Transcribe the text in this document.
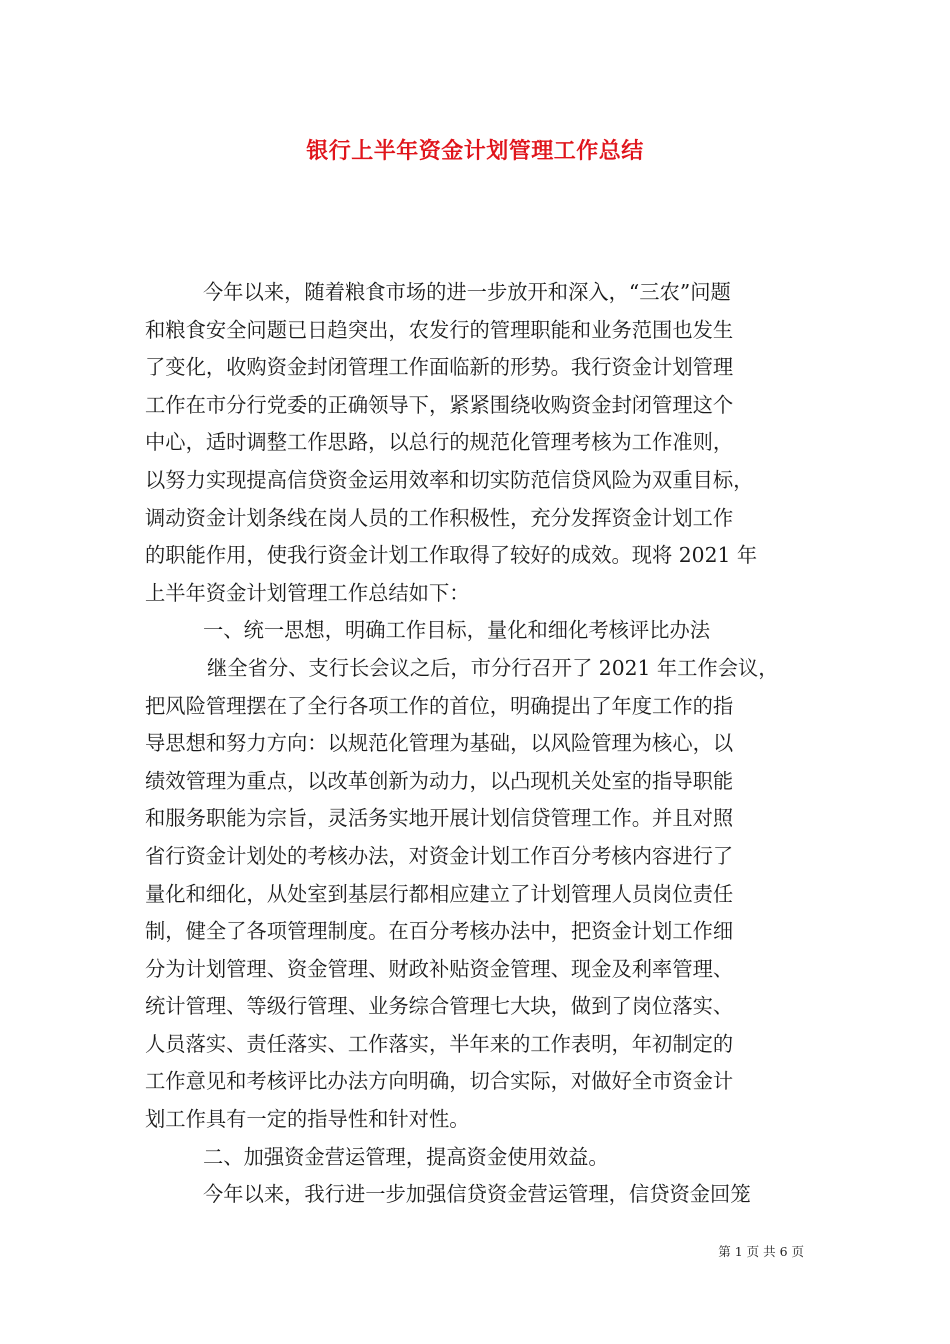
银行上半年资金计划管理工作总结
今年以来，随着粮食市场的进一步放开和深入，“三农”问题
和粮食安全问题已日趋突出，农发行的管理职能和业务范围也发生
了变化，收购资金封闭管理工作面临新的形势。我行资金计划管理
工作在市分行党委的正确领导下，紧紧围绕收购资金封闭管理这个
中心，适时调整工作思路，以总行的规范化管理考核为工作准则，
以努力实现提高信贷资金运用效率和切实防范信贷风险为双重目标，
调动资金计划条线在岗人员的工作积极性，充分发挥资金计划工作
的职能作用，使我行资金计划工作取得了较好的成效。现将 2021 年
上半年资金计划管理工作总结如下：
一、统一思想，明确工作目标，量化和细化考核评比办法
继全省分、支行长会议之后，市分行召开了 2021 年工作会议，
把风险管理摆在了全行各项工作的首位，明确提出了年度工作的指
导思想和努力方向：以规范化管理为基础，以风险管理为核心，以
绩效管理为重点，以改革创新为动力，以凸现机关处室的指导职能
和服务职能为宗旨，灵活务实地开展计划信贷管理工作。并且对照
省行资金计划处的考核办法，对资金计划工作百分考核内容进行了
量化和细化，从处室到基层行都相应建立了计划管理人员岗位责任
制，健全了各项管理制度。在百分考核办法中，把资金计划工作细
分为计划管理、资金管理、财政补贴资金管理、现金及利率管理、
统计管理、等级行管理、业务综合管理七大块，做到了岗位落实、
人员落实、责任落实、工作落实，半年来的工作表明，年初制定的
工作意见和考核评比办法方向明确，切合实际，对做好全市资金计
划工作具有一定的指导性和针对性。
二、加强资金营运管理，提高资金使用效益。
今年以来，我行进一步加强信贷资金营运管理，信贷资金回笼
第 1 页 共 6 页
